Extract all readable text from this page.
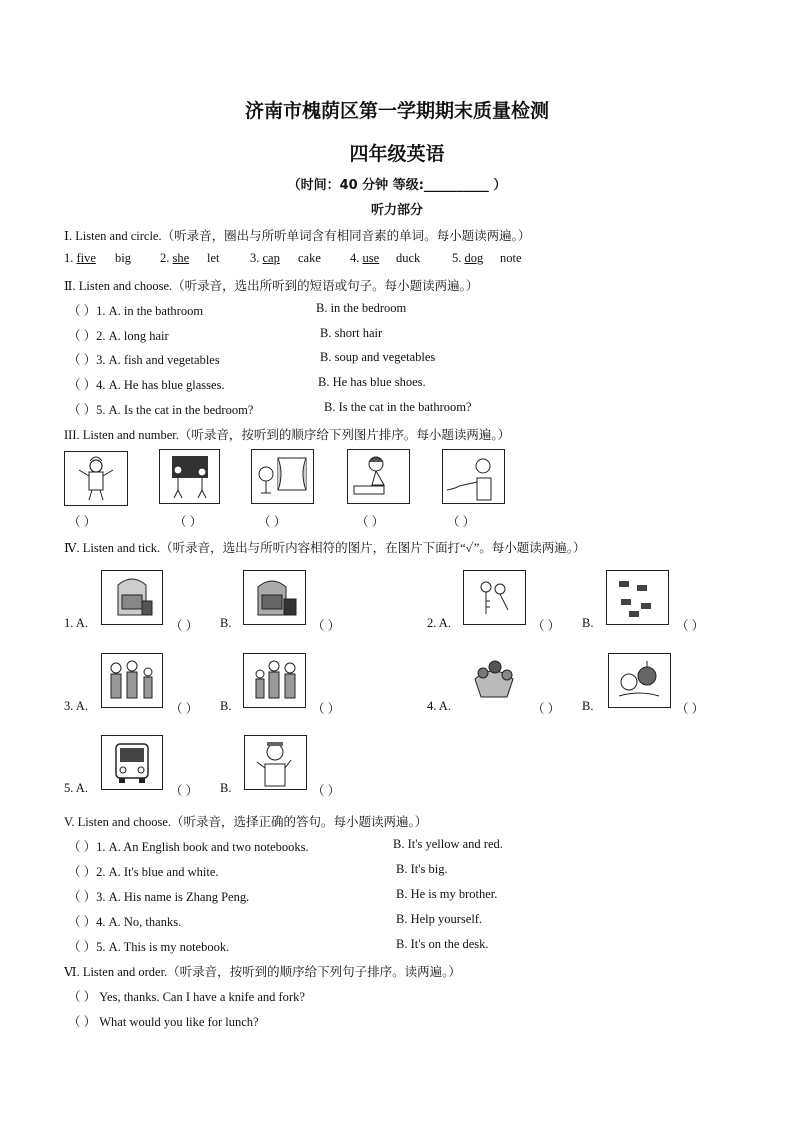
济南市槐荫区第一学期期末质量检测
四年级英语
（时间：40 分钟 等级:__________ ）
听力部分
Ⅰ. Listen and circle.（听录音，圈出与所听单词含有相同音素的单词。每小题读两遍。）
1. five big 2. she let 3. cap cake 4. use duck	5. dog note
Ⅱ. Listen and choose.（听录音，选出所听到的短语或句子。每小题读两遍。）
（ ）1. A. in the bathroom	B. in the bedroom
（ ）2. A. long hair	B. short hair
（ ）3. A. fish and vegetables	B. soup and vegetables
（ ）4. A. He has blue glasses.	B. He has blue shoes.
（ ）5. A. Is the cat in the bedroom?	B. Is the cat in the bathroom?
III. Listen and number.（听录音，按听到的顺序给下列图片排序。每小题读两遍。）
（ ）	（ ）	（ ）	（ ）	（ ）
Ⅳ. Listen and tick.（听录音，选出与所听内容相符的图片，在图片下面打“✓”。每小题读两遍。）
1. A.	（ ） B.	（ ）	2. A.	（ ） B.	（ ）
3. A.	（ ） B.	（ ）	4. A.	（ ） B.	（ ）
5. A.	（ ） B.	（ ）
V. Listen and choose.（听录音，选择正确的答句。每小题读两遍。）
（ ）1. A. An English book and two notebooks.	B. It's yellow and red.
（ ）2. A. It's blue and white.	B. It's big.
（ ）3. A. His name is Zhang Peng.	B. He is my brother.
（ ）4. A. No, thanks.	B. Help yourself.
（ ）5. A. This is my notebook.	B. It's on the desk.
Ⅵ. Listen and order.（听录音，按听到的顺序给下列句子排序。读两遍。）
（ ） Yes, thanks. Can I have a knife and fork?
（ ） What would you like for lunch?
